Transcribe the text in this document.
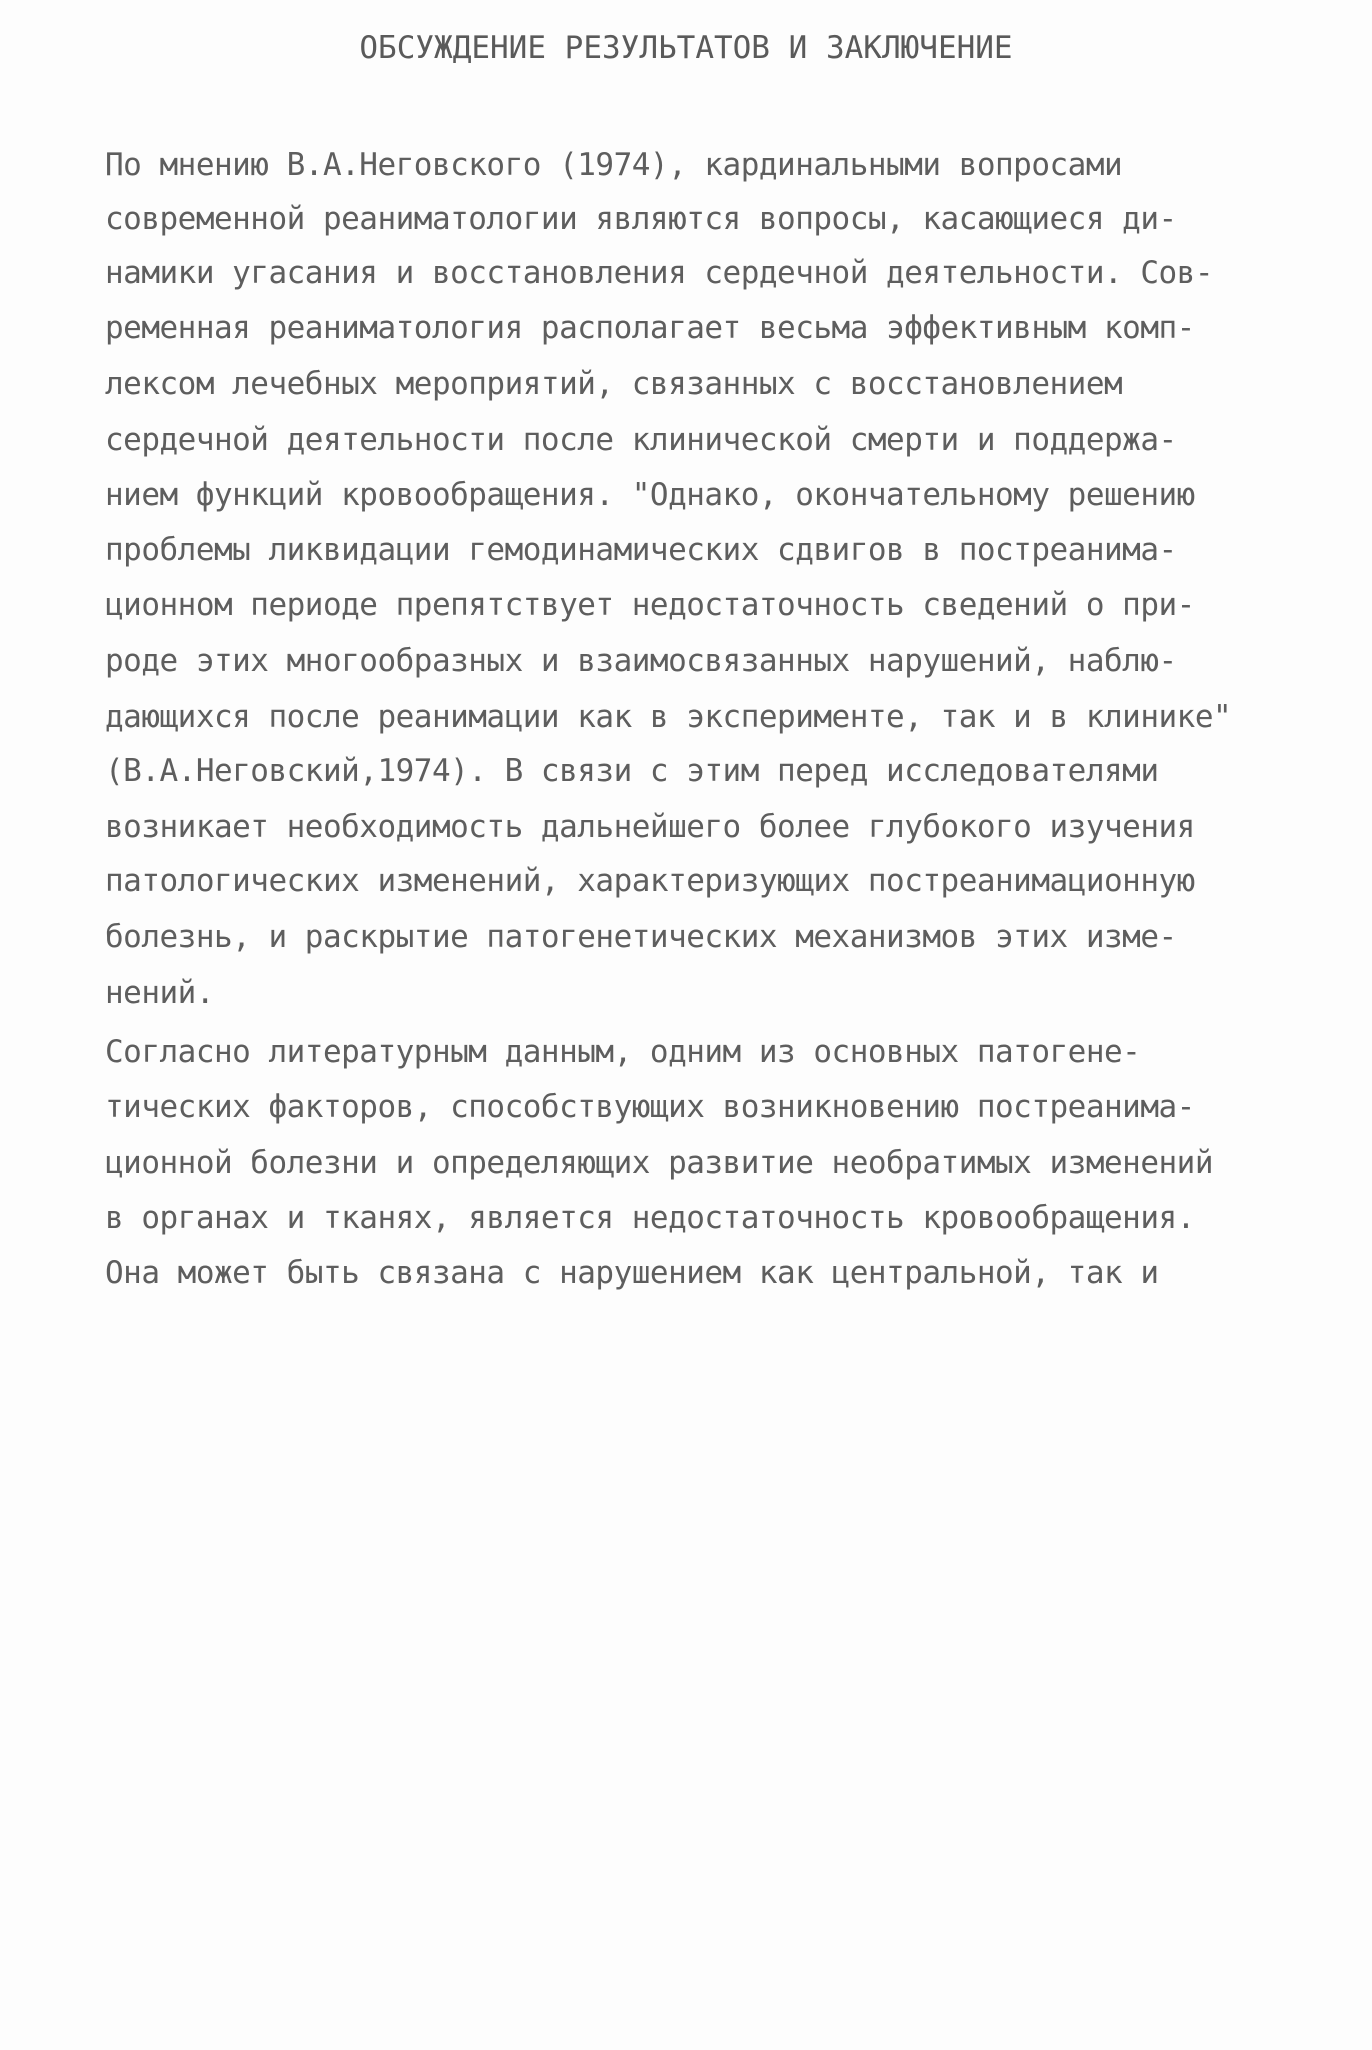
ОБСУЖДЕНИЕ РЕЗУЛЬТАТОВ И ЗАКЛЮЧЕНИЕ
По мнению В.А.Неговского (1974), кардинальными вопросами
современной реаниматологии являются вопросы, касающиеся ди-
намики угасания и восстановления сердечной деятельности. Сов-
ременная реаниматология располагает весьма эффективным комп-
лексом лечебных мероприятий, связанных с восстановлением
сердечной деятельности после клинической смерти и поддержа-
нием функций кровообращения. "Однако, окончательному решению
проблемы ликвидации гемодинамических сдвигов в постреанима-
ционном периоде препятствует недостаточность сведений о при-
роде этих многообразных и взаимосвязанных нарушений, наблю-
дающихся после реанимации как в эксперименте, так и в клинике"
(В.А.Неговский,1974). В связи с этим перед исследователями
возникает необходимость дальнейшего более глубокого изучения
патологических изменений, характеризующих постреанимационную
болезнь, и раскрытие патогенетических механизмов этих изме-
нений.
Согласно литературным данным, одним из основных патогене-
тических факторов, способствующих возникновению постреанима-
ционной болезни и определяющих развитие необратимых изменений
в органах и тканях, является недостаточность кровообращения.
Она может быть связана с нарушением как центральной, так и
